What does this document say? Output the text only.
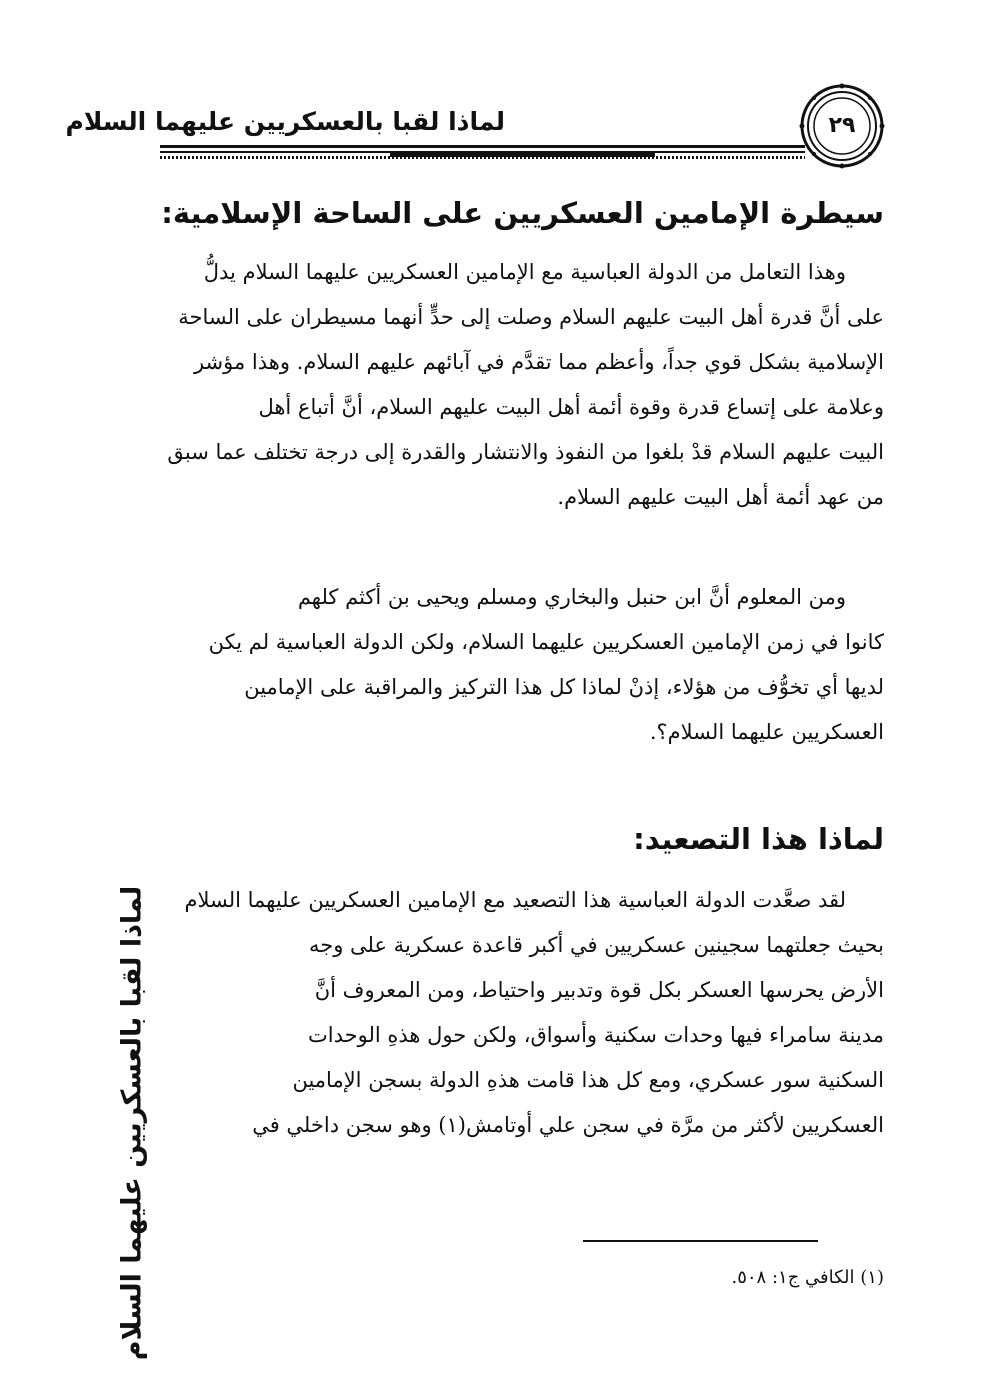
لماذا لقبا بالعسكريين عليهما السلام	٢٩
لماذا لقبا بالعسكريين عليهما السلام
سيطرة الإمامين العسكريين على الساحة الإسلامية:
وهذا التعامل من الدولة العباسية مع الإمامين العسكريين عليهما السلام يدلُّ
على أنَّ قدرة أهل البيت عليهم السلام وصلت إلى حدٍّ أنهما مسيطران على الساحة
الإسلامية بشكل قوي جداً، وأعظم مما تقدَّم في آبائهم عليهم السلام. وهذا مؤشر
وعلامة على إتساع قدرة وقوة أئمة أهل البيت عليهم السلام، أنَّ أتباع أهل
البيت عليهم السلام قدْ بلغوا من النفوذ والانتشار والقدرة إلى درجة تختلف عما سبق
من عهد أئمة أهل البيت عليهم السلام.
ومن المعلوم أنَّ ابن حنبل والبخاري ومسلم ويحيى بن أكثم كلهم
كانوا في زمن الإمامين العسكريين عليهما السلام، ولكن الدولة العباسية لم يكن
لديها أي تخوُّف من هؤلاء، إذنْ لماذا كل هذا التركيز والمراقبة على الإمامين
العسكريين عليهما السلام؟.
لماذا هذا التصعيد:
لقد صعَّدت الدولة العباسية هذا التصعيد مع الإمامين العسكريين عليهما السلام
بحيث جعلتهما سجينين عسكريين في أكبر قاعدة عسكرية على وجه
الأرض يحرسها العسكر بكل قوة وتدبير واحتياط، ومن المعروف أنَّ
مدينة سامراء فيها وحدات سكنية وأسواق، ولكن حول هذهِ الوحدات
السكنية سور عسكري، ومع كل هذا قامت هذهِ الدولة بسجن الإمامين
العسكريين لأكثر من مرَّة في سجن علي أوتامش(١) وهو سجن داخلي في
(١) الكافي ج١: ٥٠٨.
